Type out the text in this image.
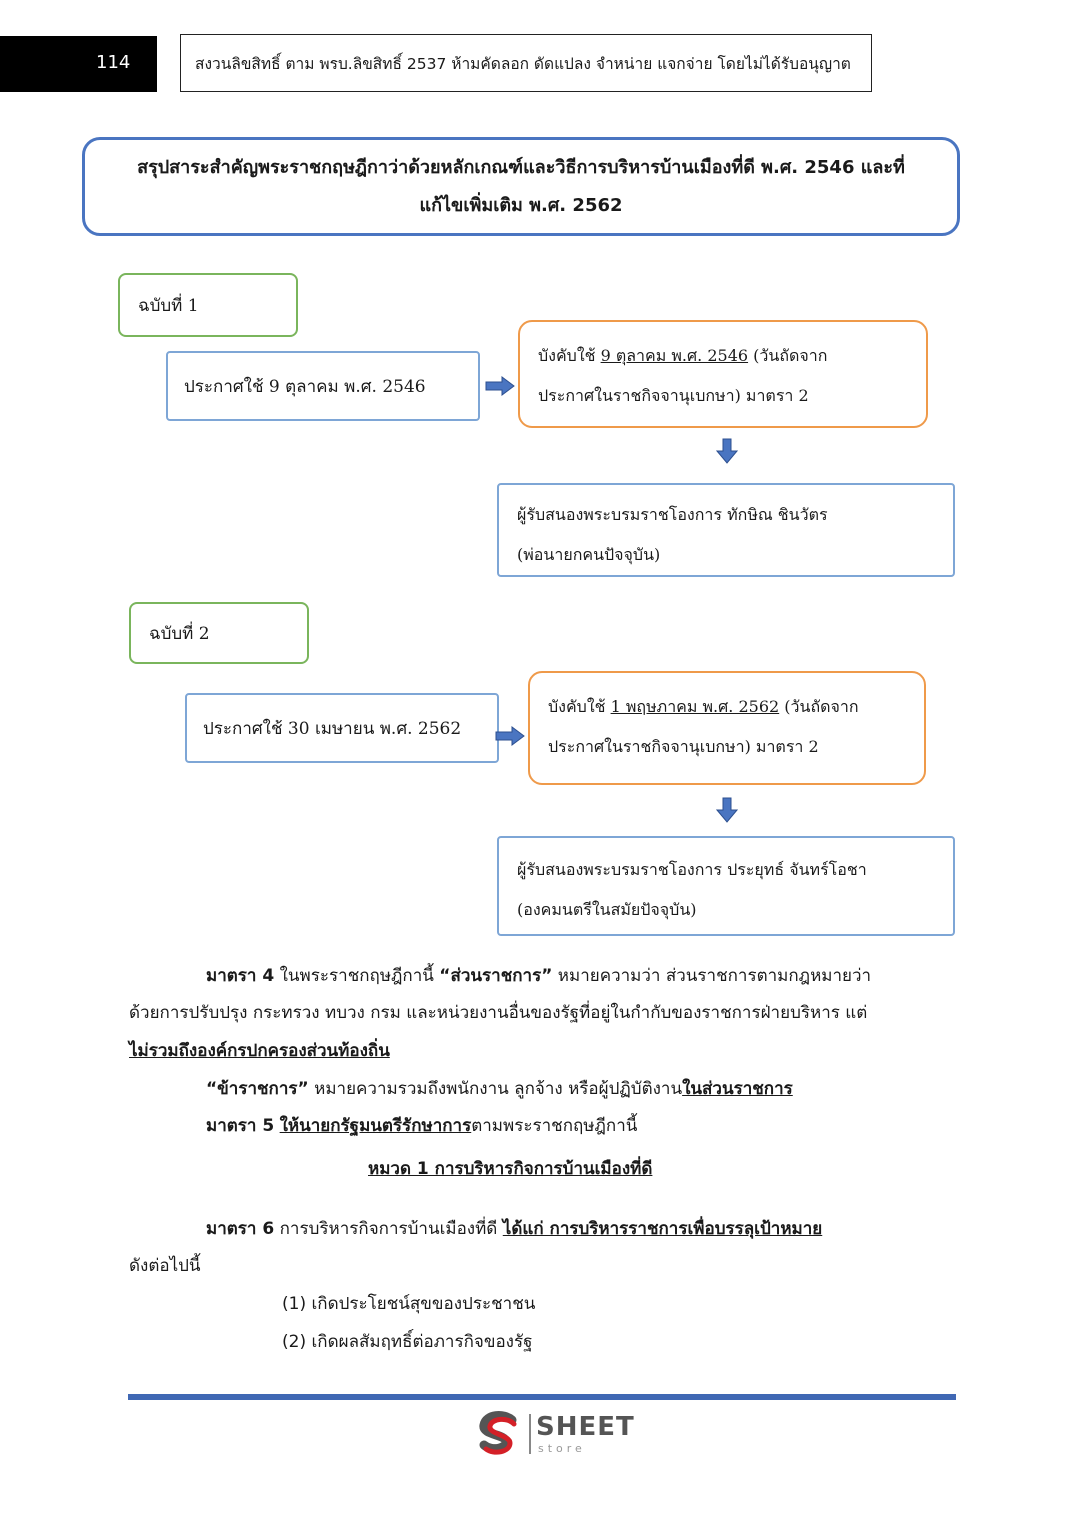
114	สงวนลิขสิทธิ์ ตาม พรบ.ลิขสิทธิ์ 2537 ห้ามคัดลอก ดัดแปลง จำหน่าย แจกจ่าย โดยไม่ได้รับอนุญาต
สรุปสาระสำคัญพระราชกฤษฎีกาว่าด้วยหลักเกณฑ์และวิธีการบริหารบ้านเมืองที่ดี พ.ศ. 2546 และที่
แก้ไขเพิ่มเติม พ.ศ. 2562
ฉบับที่ 1
ประกาศใช้ 9 ตุลาคม พ.ศ. 2546
บังคับใช้ 9 ตุลาคม พ.ศ. 2546 (วันถัดจาก
ประกาศในราชกิจจานุเบกษา) มาตรา 2
ผู้รับสนองพระบรมราชโองการ ทักษิณ ชินวัตร
(พ่อนายกคนปัจจุบัน)
ฉบับที่ 2
ประกาศใช้ 30 เมษายน พ.ศ. 2562
บังคับใช้ 1 พฤษภาคม พ.ศ. 2562 (วันถัดจาก
ประกาศในราชกิจจานุเบกษา) มาตรา 2
ผู้รับสนองพระบรมราชโองการ ประยุทธ์ จันทร์โอชา
(องคมนตรีในสมัยปัจจุบัน)
มาตรา 4 ในพระราชกฤษฎีกานี้ “ส่วนราชการ” หมายความว่า ส่วนราชการตามกฎหมายว่า
ด้วยการปรับปรุง กระทรวง ทบวง กรม และหน่วยงานอื่นของรัฐที่อยู่ในกำกับของราชการฝ่ายบริหาร แต่
ไม่รวมถึงองค์กรปกครองส่วนท้องถิ่น
“ข้าราชการ” หมายความรวมถึงพนักงาน ลูกจ้าง หรือผู้ปฏิบัติงานในส่วนราชการ
มาตรา 5 ให้นายกรัฐมนตรีรักษาการตามพระราชกฤษฎีกานี้
หมวด 1 การบริหารกิจการบ้านเมืองที่ดี
มาตรา 6 การบริหารกิจการบ้านเมืองที่ดี ได้แก่ การบริหารราชการเพื่อบรรลุเป้าหมาย
ดังต่อไปนี้
(1) เกิดประโยชน์สุขของประชาชน
(2) เกิดผลสัมฤทธิ์ต่อภารกิจของรัฐ
SHEET
store
